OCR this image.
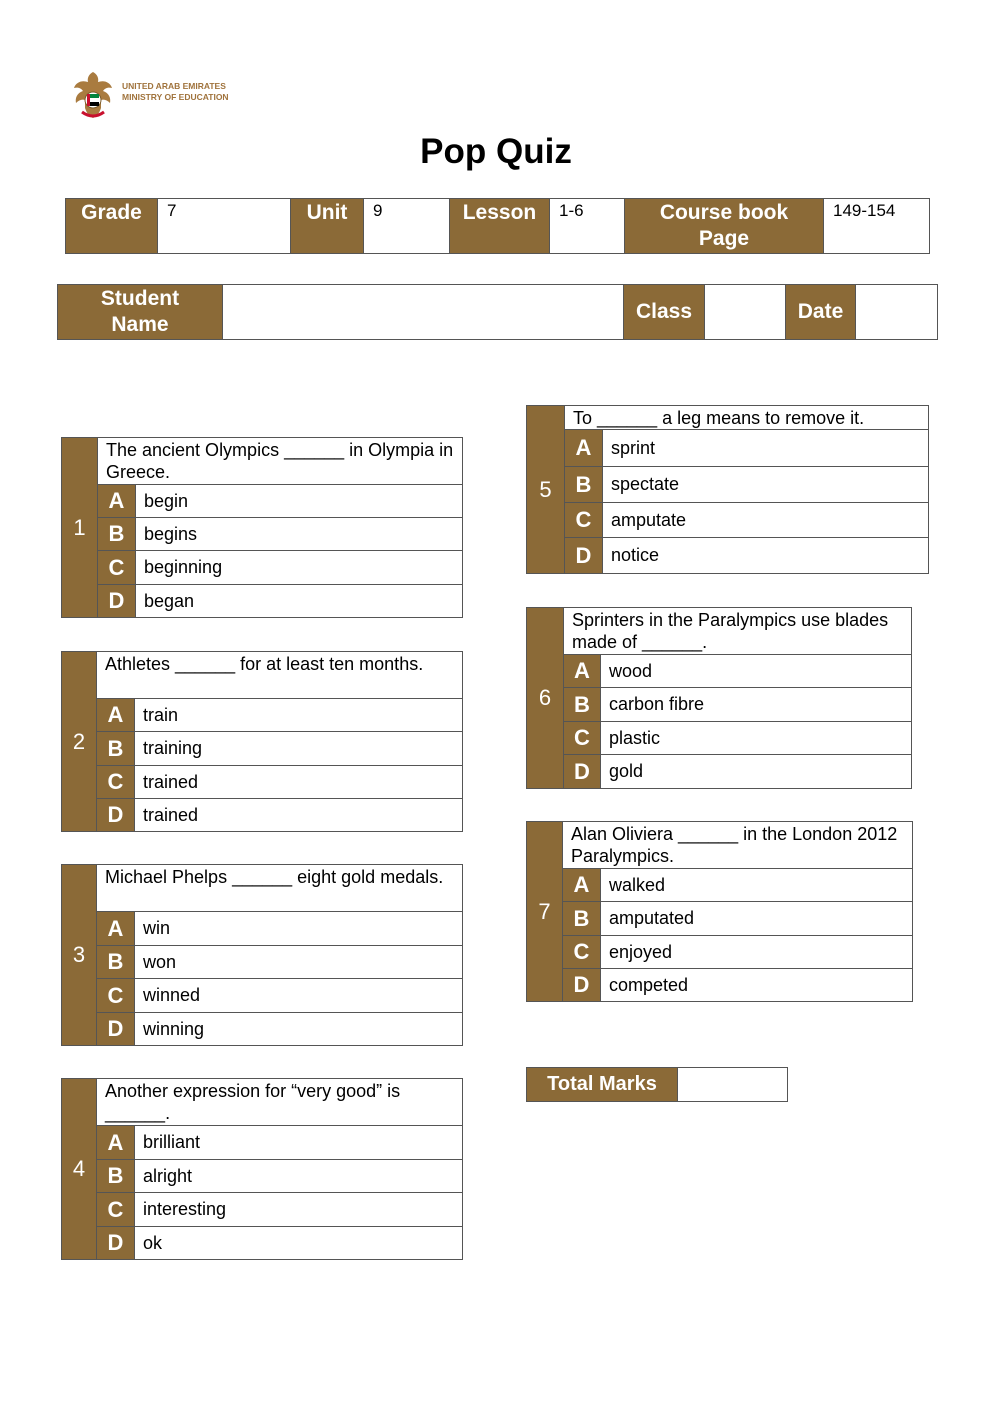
UNITED ARAB EMIRATES
MINISTRY OF EDUCATION
Pop Quiz
Grade	7	Unit	9	Lesson	1-6	Course book Page	149-154
Student Name		Class		Date	
1	The ancient Olympics ______ in Olympia in Greece.	
	A	begin
	B	begins
	C	beginning
	D	began
2	Athletes ______ for at least ten months.	
	A	train
	B	training
	C	trained
	D	trained
3	Michael Phelps ______ eight gold medals.	
	A	win
	B	won
	C	winned
	D	winning
4	Another expression for “very good” is ______.	
	A	brilliant
	B	alright
	C	interesting
	D	ok
5	To ______ a leg means to remove it.	
	A	sprint
	B	spectate
	C	amputate
	D	notice
6	Sprinters in the Paralympics use blades made of ______.	
	A	wood
	B	carbon fibre
	C	plastic
	D	gold
7	Alan Oliviera ______ in the London 2012 Paralympics.	
	A	walked
	B	amputated
	C	enjoyed
	D	competed
Total Marks	
